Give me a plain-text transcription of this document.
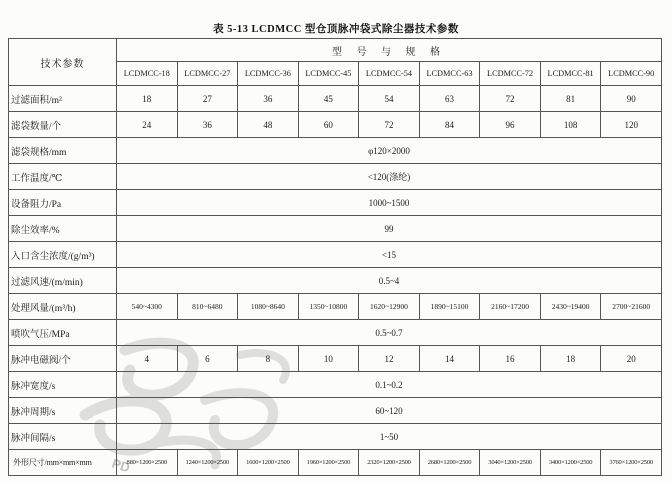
表 5-13 LCDMCC 型仓顶脉冲袋式除尘器技术参数
PD
技术参数	型 号 与 规 格								
	LCDMCC-18	LCDMCC-27	LCDMCC-36	LCDMCC-45	LCDMCC-54	LCDMCC-63	LCDMCC-72	LCDMCC-81	LCDMCC-90
过滤面积/m²	18	27	36	45	54	63	72	81	90
滤袋数量/个	24	36	48	60	72	84	96	108	120
滤袋规格/mm	φ120×2000								
工作温度/℃	<120(涤纶)								
设备阻力/Pa	1000~1500								
除尘效率/%	99								
入口含尘浓度/(g/m³)	<15								
过滤风速/(m/min)	0.5~4								
处理风量/(m³/h)	540~4300	810~6480	1080~8640	1350~10800	1620~12900	1890~15100	2160~17200	2430~19400	2700~21600
喷吹气压/MPa	0.5~0.7								
脉冲电磁阀/个	4	6	8	10	12	14	16	18	20
脉冲宽度/s	0.1~0.2								
脉冲周期/s	60~120								
脉冲间隔/s	1~50								
外形尺寸/mm×mm×mm	880×1200×2500	1240×1200×2500	1600×1200×2500	1960×1200×2500	2320×1200×2500	2680×1200×2500	3040×1200×2500	3400×1200×2500	3760×1200×2500
